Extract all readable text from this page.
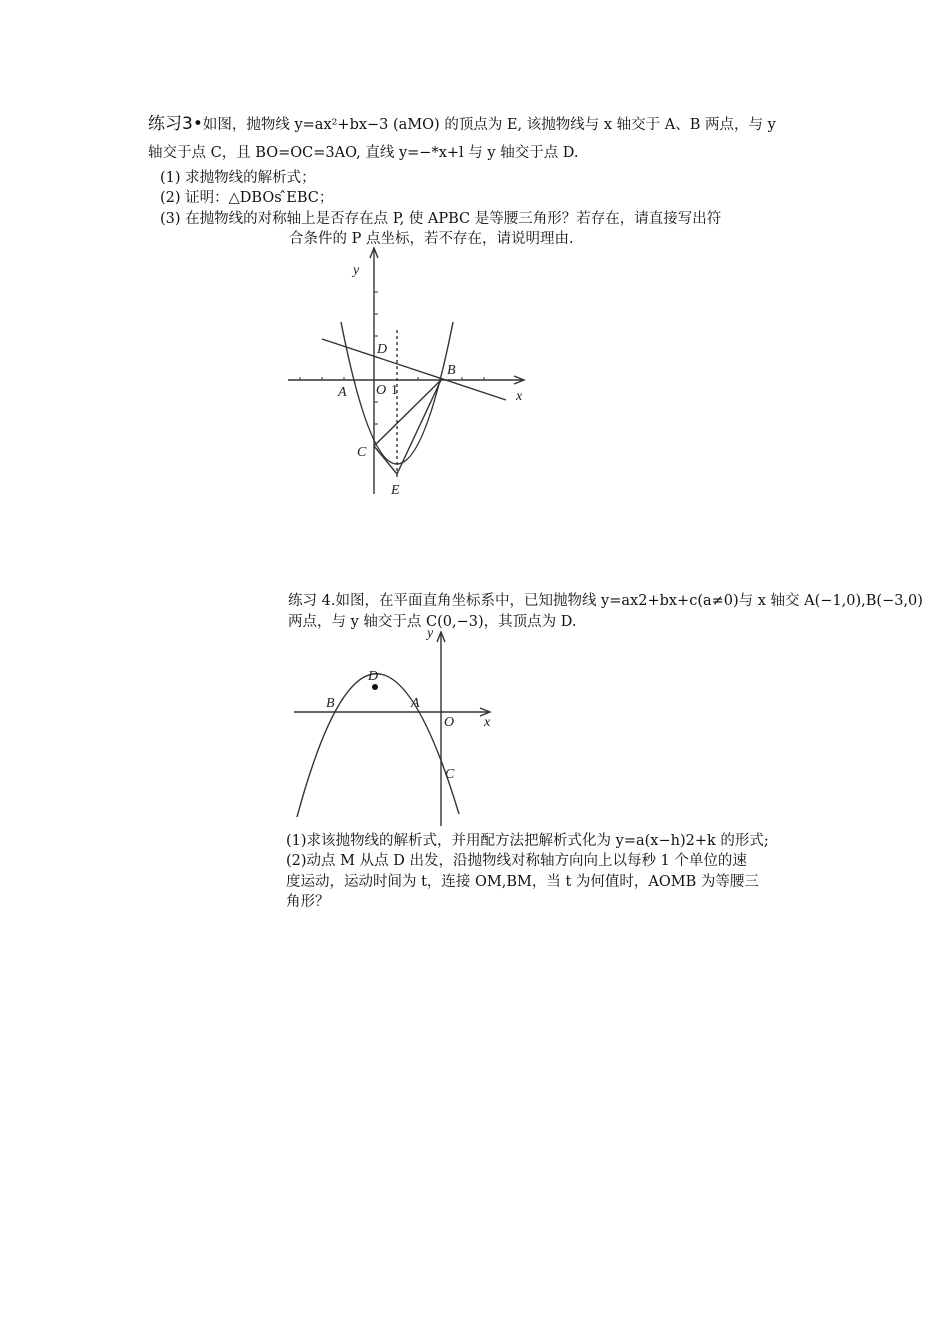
练习3•如图，抛物线 y=ax²+bx−3 (aMO) 的顶点为 E, 该抛物线与 x 轴交于 A、B 两点，与 y
轴交于点 C，且 BO=OC=3AO, 直线 y=−*x+l 与 y 轴交于点 D.
(1) 求抛物线的解析式；
(2) 证明：△DBOs ̂EBC；
(3) 在抛物线的对称轴上是否存在点 P, 使 APBC 是等腰三角形？若存在，请直接写出符
合条件的 P 点坐标，若不存在，请说明理由.
y
x
D
B
A O 1
C
E
练习 4.如图，在平面直角坐标系中，已知抛物线 y=ax2+bx+c(a≠0)与 x 轴交 A(−1,0),B(−3,0)
两点，与 y 轴交于点 C(0,−3)，其顶点为 D.
y
x
D
B	A
O
C
(1)求该抛物线的解析式，并用配方法把解析式化为 y=a(x−h)2+k 的形式;
(2)动点 M 从点 D 出发，沿抛物线对称轴方向向上以每秒 1 个单位的速
度运动，运动时间为 t，连接 OM,BM，当 t 为何值时，AOMB 为等腰三
角形？
